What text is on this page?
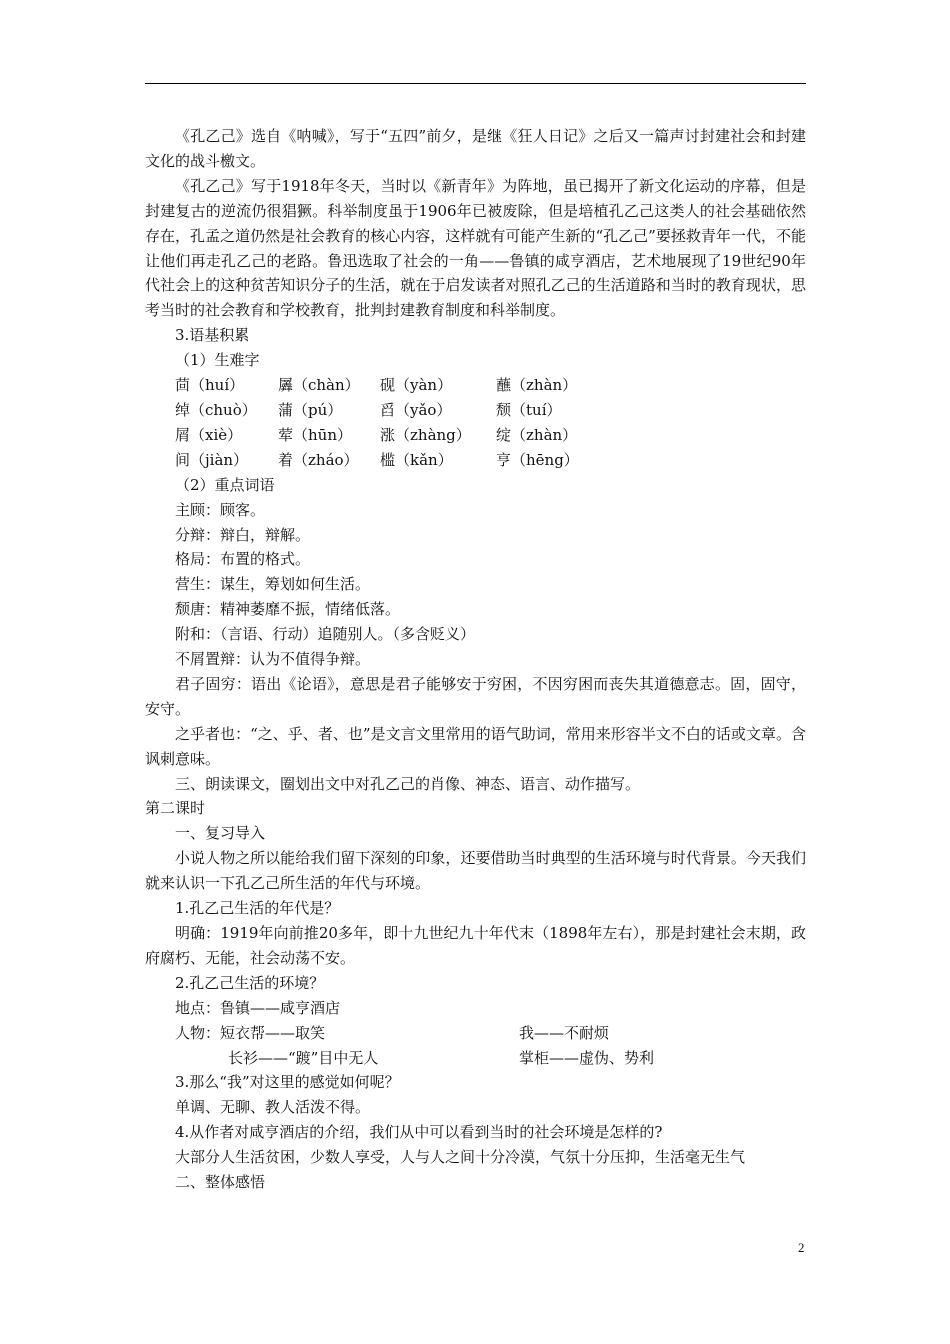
《孔乙己》选自《呐喊》，写于“五四”前夕，是继《狂人日记》之后又一篇声讨封建社会和封建文化的战斗檄文。

《孔乙己》写于1918年冬天，当时以《新青年》为阵地，虽已揭开了新文化运动的序幕，但是封建复古的逆流仍很猖獗。科举制度虽于1906年已被废除，但是培植孔乙己这类人的社会基础依然存在，孔孟之道仍然是社会教育的核心内容，这样就有可能产生新的“孔乙己”要拯救青年一代，不能让他们再走孔乙己的老路。鲁迅选取了社会的一角——鲁镇的咸亨酒店，艺术地展现了19世纪90年代社会上的这种贫苦知识分子的生活，就在于启发读者对照孔乙己的生活道路和当时的教育现状，思考当时的社会教育和学校教育，批判封建教育制度和科举制度。

3.语基积累

（1）生难字

茴（huí）	羼（chàn）	砚（yàn）	蘸（zhàn）
绰（chuò）	蒲（pú）	舀（yǎo）	颓（tuí）
屑（xiè）	荤（hūn）	涨（zhàng）	绽（zhàn）
间（jiàn）	着（zháo）	槛（kǎn）	亨（hēng）

（2）重点词语

主顾：顾客。

分辩：辩白，辩解。

格局：布置的格式。

营生：谋生，筹划如何生活。

颓唐：精神萎靡不振，情绪低落。

附和：（言语、行动）追随别人。（多含贬义）

不屑置辩：认为不值得争辩。

君子固穷：语出《论语》，意思是君子能够安于穷困，不因穷困而丧失其道德意志。固，固守，安守。

之乎者也：“之、乎、者、也”是文言文里常用的语气助词，常用来形容半文不白的话或文章。含讽刺意味。

三、朗读课文，圈划出文中对孔乙己的肖像、神态、语言、动作描写。

第二课时

一、复习导入

小说人物之所以能给我们留下深刻的印象，还要借助当时典型的生活环境与时代背景。今天我们就来认识一下孔乙己所生活的年代与环境。

1.孔乙己生活的年代是？

明确：1919年向前推20多年，即十九世纪九十年代末（1898年左右），那是封建社会末期，政府腐朽、无能，社会动荡不安。

2.孔乙己生活的环境？

地点：鲁镇——咸亨酒店

人物：短衣帮——取笑	我——不耐烦
长衫——“踱”目中无人	掌柜——虚伪、势利

3.那么“我”对这里的感觉如何呢？

单调、无聊、教人活泼不得。

4.从作者对咸亨酒店的介绍，我们从中可以看到当时的社会环境是怎样的?

大部分人生活贫困，少数人享受，人与人之间十分冷漠，气氛十分压抑，生活毫无生气

二、整体感悟

2
